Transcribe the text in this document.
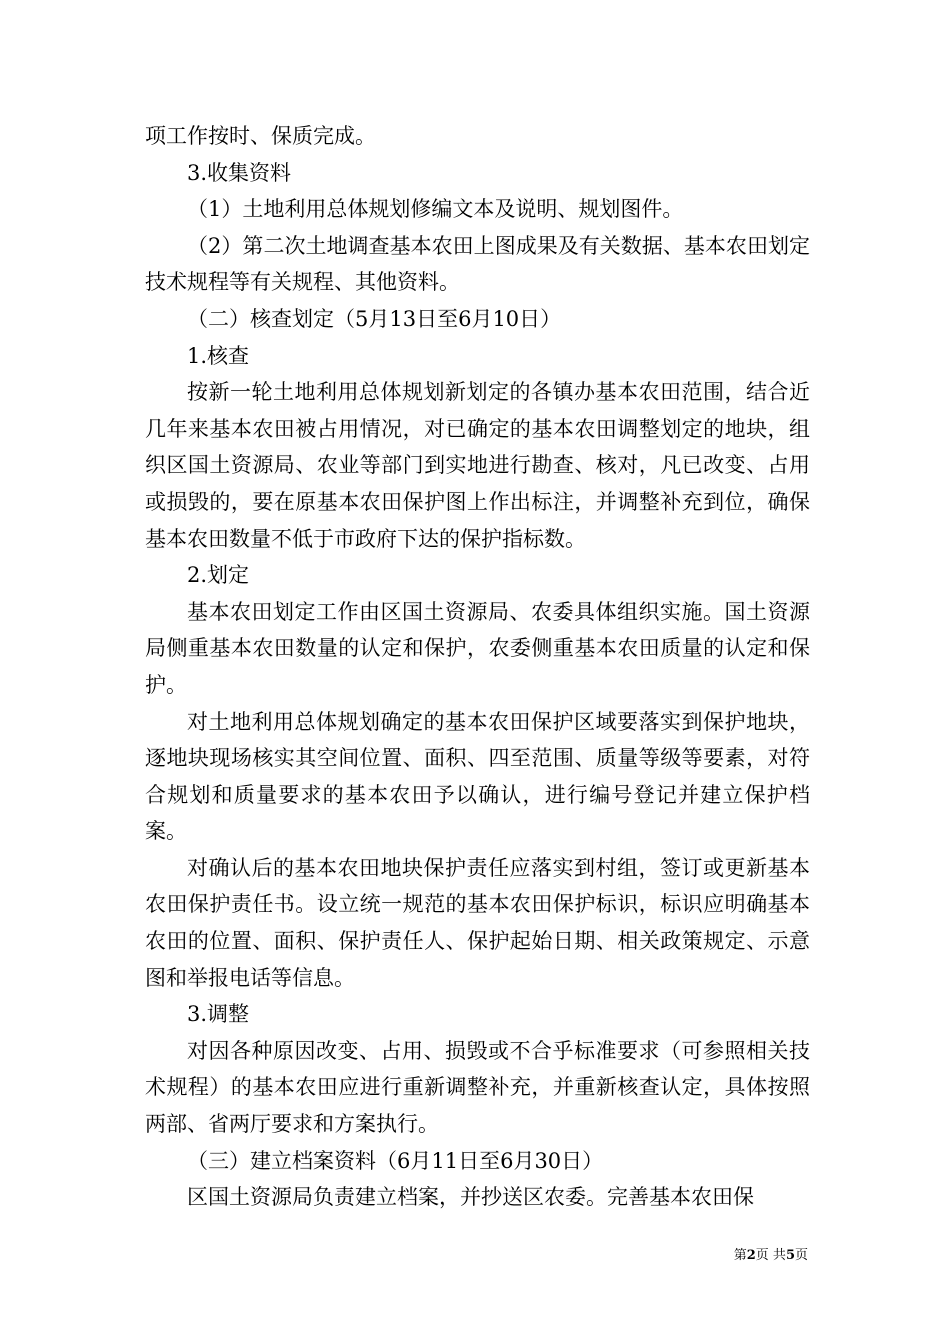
项工作按时、保质完成。

3.收集资料

（1）土地利用总体规划修编文本及说明、规划图件。

（2）第二次土地调查基本农田上图成果及有关数据、基本农田划定技术规程等有关规程、其他资料。

（二）核查划定（5月13日至6月10日）

1.核查

按新一轮土地利用总体规划新划定的各镇办基本农田范围，结合近几年来基本农田被占用情况，对已确定的基本农田调整划定的地块，组织区国土资源局、农业等部门到实地进行勘查、核对，凡已改变、占用或损毁的，要在原基本农田保护图上作出标注，并调整补充到位，确保基本农田数量不低于市政府下达的保护指标数。

2.划定

基本农田划定工作由区国土资源局、农委具体组织实施。国土资源局侧重基本农田数量的认定和保护，农委侧重基本农田质量的认定和保护。

对土地利用总体规划确定的基本农田保护区域要落实到保护地块，逐地块现场核实其空间位置、面积、四至范围、质量等级等要素，对符合规划和质量要求的基本农田予以确认，进行编号登记并建立保护档案。

对确认后的基本农田地块保护责任应落实到村组，签订或更新基本农田保护责任书。设立统一规范的基本农田保护标识，标识应明确基本农田的位置、面积、保护责任人、保护起始日期、相关政策规定、示意图和举报电话等信息。

3.调整

对因各种原因改变、占用、损毁或不合乎标准要求（可参照相关技术规程）的基本农田应进行重新调整补充，并重新核查认定，具体按照两部、省两厅要求和方案执行。

（三）建立档案资料（6月11日至6月30日）

区国土资源局负责建立档案，并抄送区农委。完善基本农田保

第2页 共5页
